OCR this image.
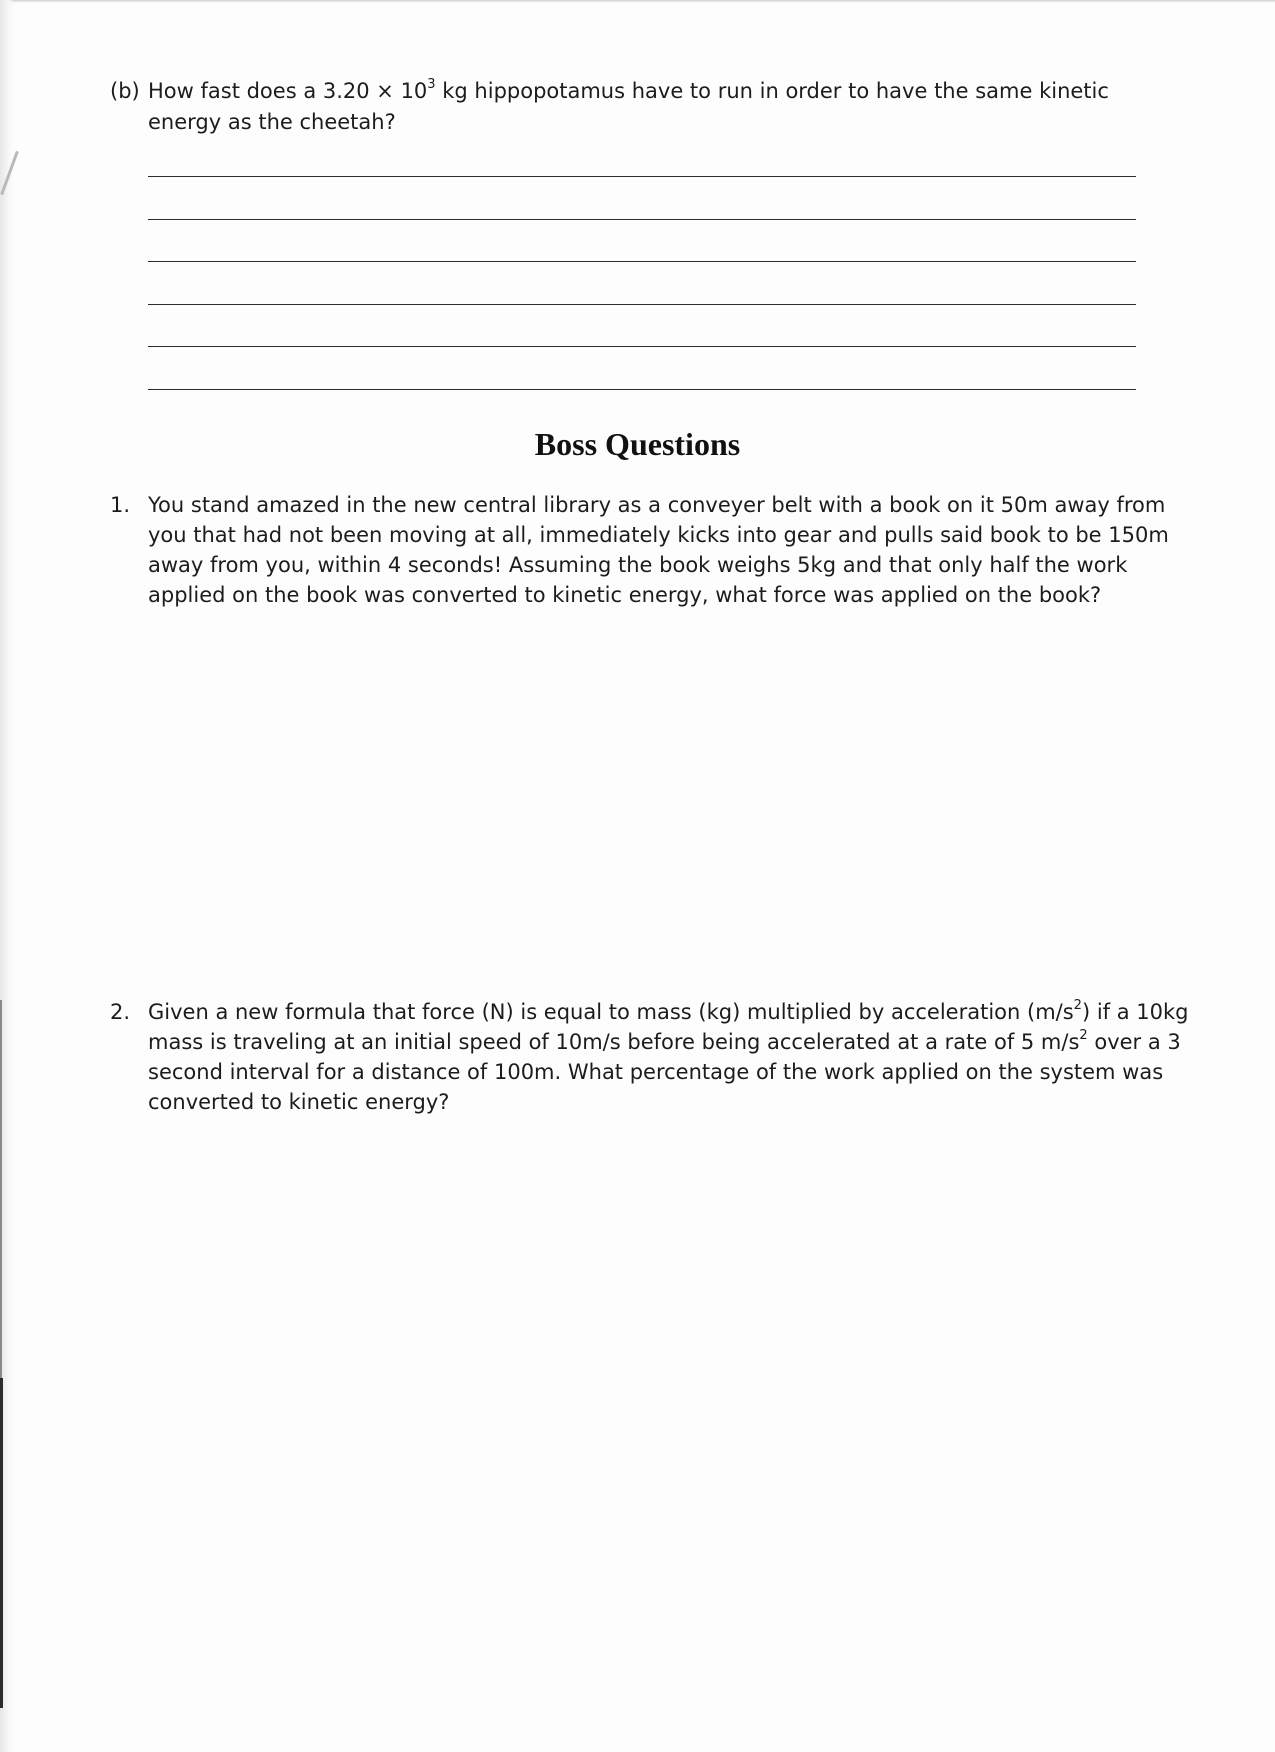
(b) How fast does a $3.20 \times 10^3$ kg hippopotamus have to run in order to have the same kinetic energy as the cheetah?
Boss Questions
1. You stand amazed in the new central library as a conveyer belt with a book on it 50m away from you that had not been moving at all, immediately kicks into gear and pulls said book to be 150m away from you, within 4 seconds! Assuming the book weighs 5kg and that only half the work applied on the book was converted to kinetic energy, what force was applied on the book?
2. Given a new formula that force (N) is equal to mass (kg) multiplied by acceleration $(m/s^2)$ if a 10kg mass is traveling at an initial speed of 10m/s before being accelerated at a rate of 5 $m/s^2$ over a 3 second interval for a distance of 100m. What percentage of the work applied on the system was converted to kinetic energy?
